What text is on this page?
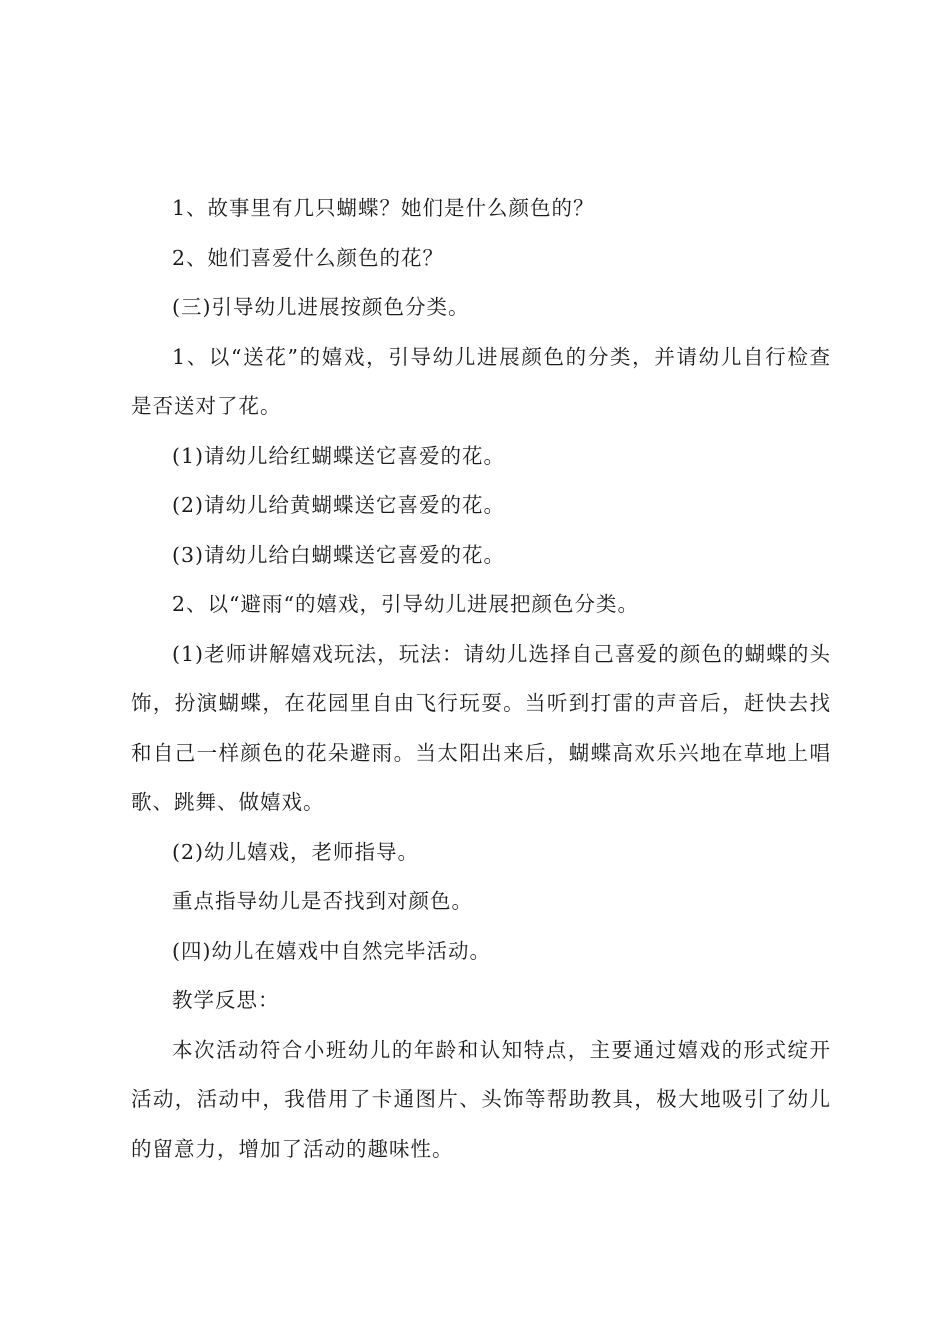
1、故事里有几只蝴蝶？她们是什么颜色的？

2、她们喜爱什么颜色的花？

(三)引导幼儿进展按颜色分类。

1、以“送花”的嬉戏，引导幼儿进展颜色的分类，并请幼儿自行检查是否送对了花。

(1)请幼儿给红蝴蝶送它喜爱的花。

(2)请幼儿给黄蝴蝶送它喜爱的花。

(3)请幼儿给白蝴蝶送它喜爱的花。

2、以“避雨“的嬉戏，引导幼儿进展把颜色分类。

(1)老师讲解嬉戏玩法，玩法：请幼儿选择自己喜爱的颜色的蝴蝶的头饰，扮演蝴蝶，在花园里自由飞行玩耍。当听到打雷的声音后，赶快去找和自己一样颜色的花朵避雨。当太阳出来后，蝴蝶高欢乐兴地在草地上唱歌、跳舞、做嬉戏。

(2)幼儿嬉戏，老师指导。

重点指导幼儿是否找到对颜色。

(四)幼儿在嬉戏中自然完毕活动。

教学反思：

本次活动符合小班幼儿的年龄和认知特点，主要通过嬉戏的形式绽开活动，活动中，我借用了卡通图片、头饰等帮助教具，极大地吸引了幼儿的留意力，增加了活动的趣味性。
